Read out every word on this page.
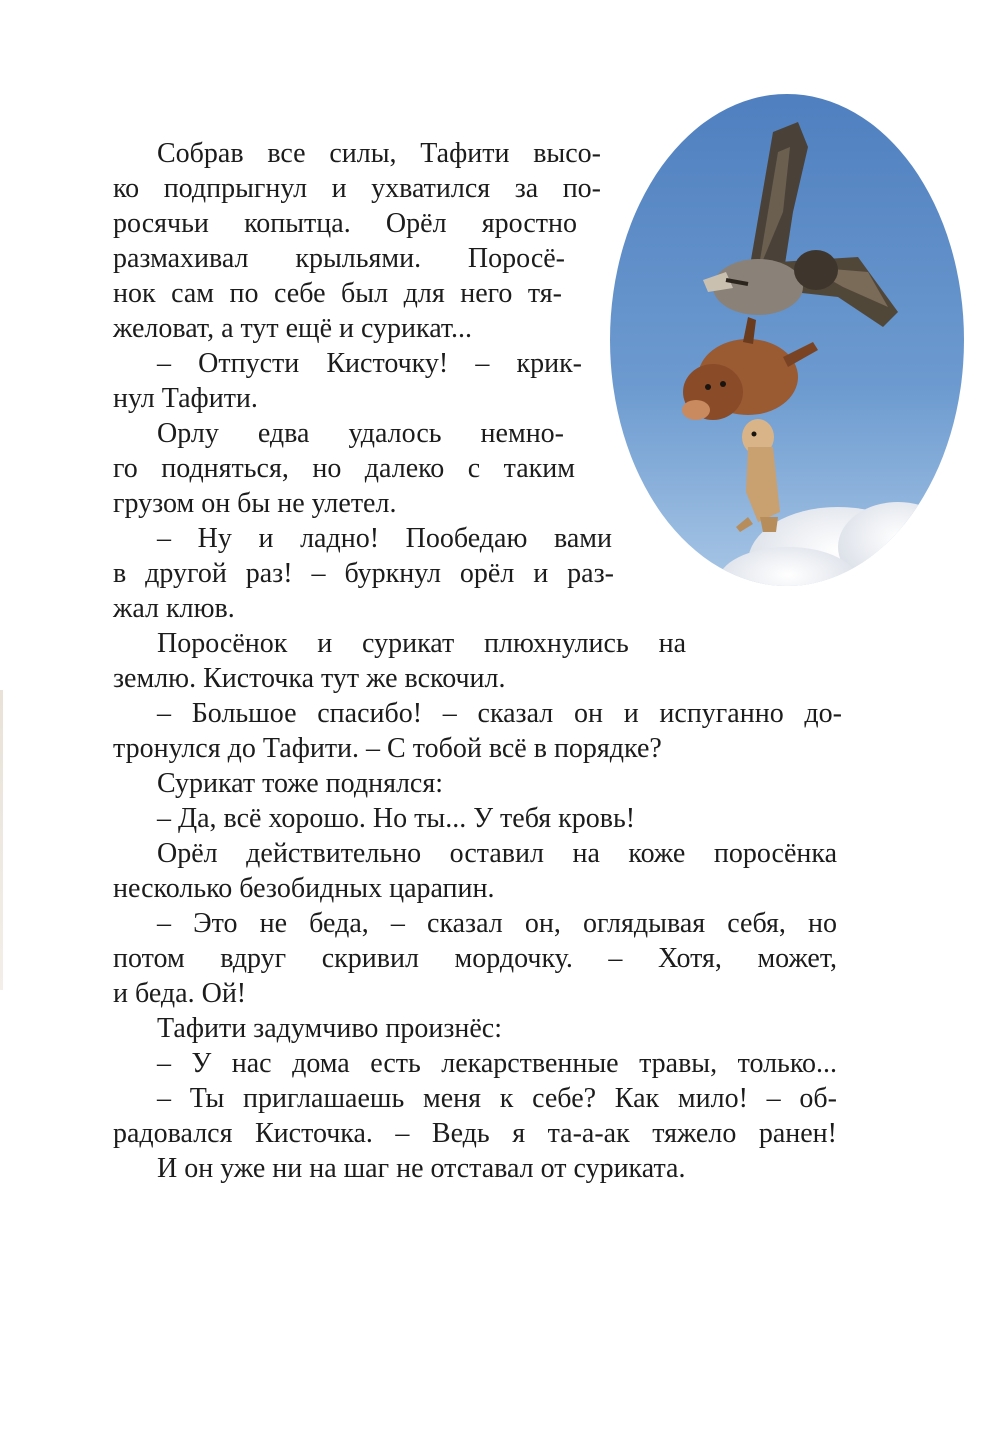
Собрав все силы, Тафити высо-
ко подпрыгнул и ухватился за по-
росячьи копытца. Орёл яростно
размахивал крыльями. Поросё-
нок сам по себе был для него тя-
желоват, а тут ещё и сурикат...
– Отпусти Кисточку! – крик-
нул Тафити.
Орлу едва удалось немно-
го подняться, но далеко с таким
грузом он бы не улетел.
– Ну и ладно! Пообедаю вами
в другой раз! – буркнул орёл и раз-
жал клюв.
Поросёнок и сурикат плюхнулись на
землю. Кисточка тут же вскочил.
– Большое спасибо! – сказал он и испуганно до-
тронулся до Тафити. – С тобой всё в порядке?
Сурикат тоже поднялся:
– Да, всё хорошо. Но ты... У тебя кровь!
Орёл действительно оставил на коже поросёнка
несколько безобидных царапин.
– Это не беда, – сказал он, оглядывая себя, но
потом вдруг скривил мордочку. – Хотя, может,
и беда. Ой!
Тафити задумчиво произнёс:
– У нас дома есть лекарственные травы, только...
– Ты приглашаешь меня к себе? Как мило! – об-
радовался Кисточка. – Ведь я та-а-ак тяжело ранен!
И он уже ни на шаг не отставал от суриката.
